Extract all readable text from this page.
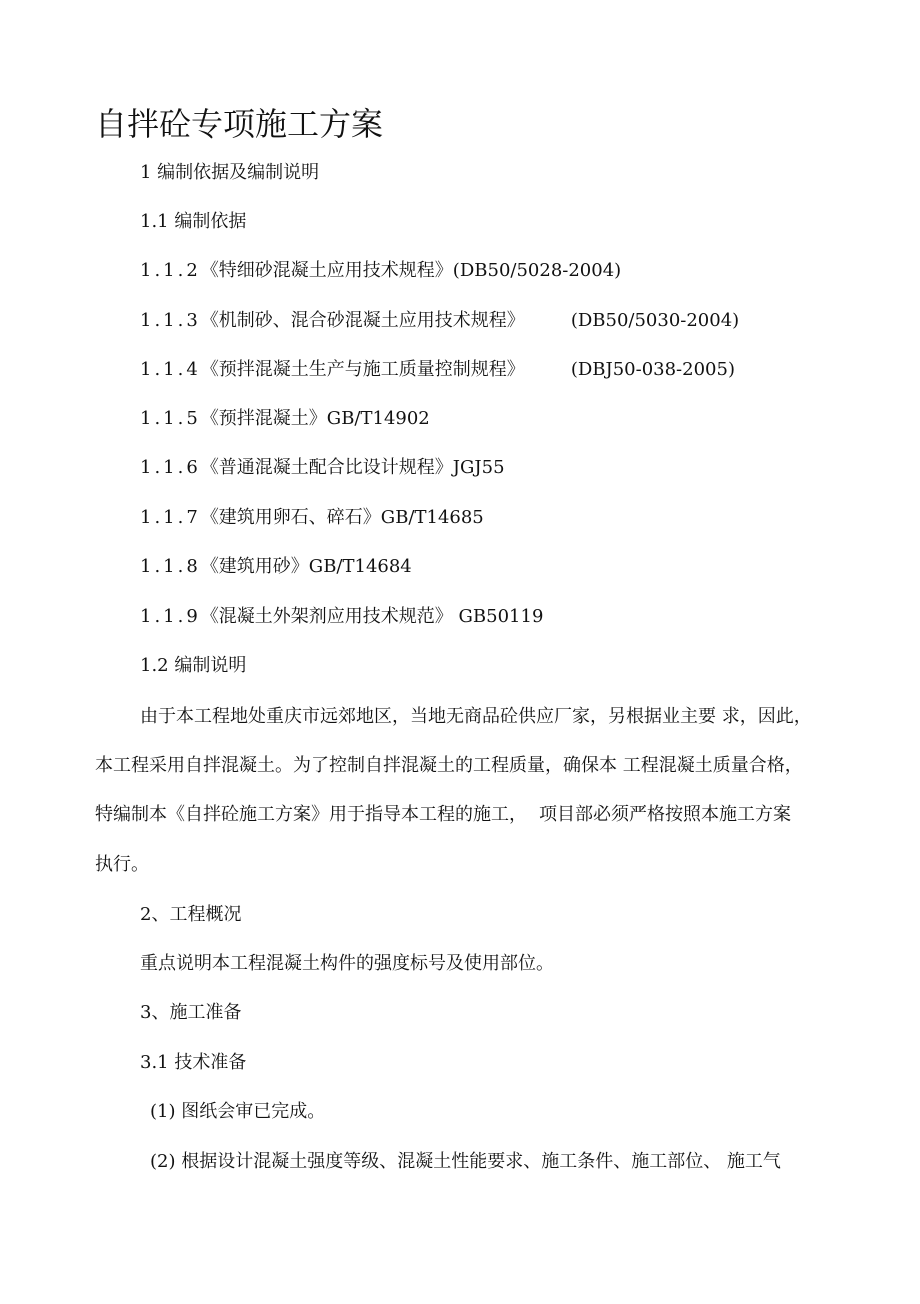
自拌砼专项施工方案

1 编制依据及编制说明

1.1 编制依据

1.1.2《特细砂混凝土应用技术规程》(DB50/5028-2004)

1.1.3《机制砂、混合砂混凝土应用技术规程》	(DB50/5030-2004)

1.1.4《预拌混凝土生产与施工质量控制规程》	(DBJ50-038-2005)

1.1.5《预拌混凝土》GB/T14902

1.1.6《普通混凝土配合比设计规程》JGJ55

1.1.7《建筑用卵石、碎石》GB/T14685

1.1.8《建筑用砂》GB/T14684

1.1.9《混凝土外架剂应用技术规范》 GB50119

1.2 编制说明

由于本工程地处重庆市远郊地区，当地无商品砼供应厂家，另根据业主要 求，因此，

本工程采用自拌混凝土。为了控制自拌混凝土的工程质量，确保本 工程混凝土质量合格，

特编制本《自拌砼施工方案》用于指导本工程的施工， 项目部必须严格按照本施工方案

执行。

2、工程概况

重点说明本工程混凝土构件的强度标号及使用部位。

3、施工准备

3.1 技术准备

(1) 图纸会审已完成。

(2) 根据设计混凝土强度等级、混凝土性能要求、施工条件、施工部位、 施工气
